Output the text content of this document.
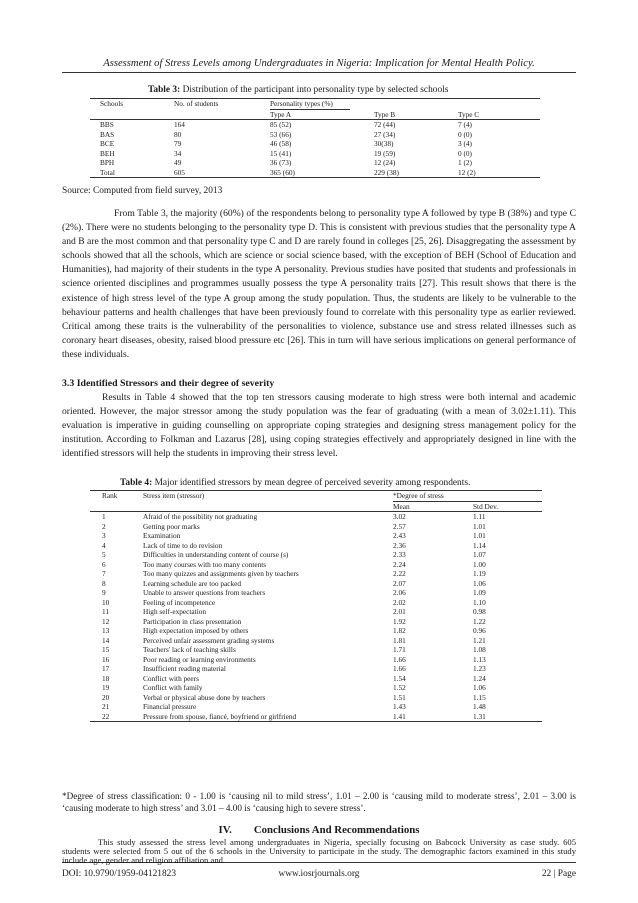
Assessment of Stress Levels among Undergraduates in Nigeria: Implication for Mental Health Policy.
Table 3: Distribution of the participant into personality type by selected schools
Schools	No. of students	Personality types (%)		

		Type A	Type B	Type C
BBS	164	85 (52)	72 (44)	7 (4)
BAS	80	53 (66)	27 (34)	0 (0)
BCE	79	46 (58)	30(38)	3 (4)
BEH	34	15 (41)	19 (59)	0 (0)
BPH	49	36 (73)	12 (24)	1 (2)
Total	605	365 (60)	229 (38)	12 (2)
Source: Computed from field survey, 2013

From Table 3, the majority (60%) of the respondents belong to personality type A followed by type B (38%) and type C (2%). There were no students belonging to the personality type D. This is consistent with previous studies that the personality type A and B are the most common and that personality type C and D are rarely found in colleges [25, 26]. Disaggregating the assessment by schools showed that all the schools, which are science or social science based, with the exception of BEH (School of Education and Humanities), had majority of their students in the type A personality. Previous studies have posited that students and professionals in science oriented disciplines and programmes usually possess the type A personality traits [27]. This result shows that there is the existence of high stress level of the type A group among the study population. Thus, the students are likely to be vulnerable to the behaviour patterns and health challenges that have been previously found to correlate with this personality type as earlier reviewed. Critical among these traits is the vulnerability of the personalities to violence, substance use and stress related illnesses such as coronary heart diseases, obesity, raised blood pressure etc [26]. This in turn will have serious implications on general performance of these individuals.

3.3 Identified Stressors and their degree of severity

Results in Table 4 showed that the top ten stressors causing moderate to high stress were both internal and academic oriented. However, the major stressor among the study population was the fear of graduating (with a mean of 3.02±1.11). This evaluation is imperative in guiding counselling on appropriate coping strategies and designing stress management policy for the institution. According to Folkman and Lazarus [28], using coping strategies effectively and appropriately designed in line with the identified stressors will help the students in improving their stress level.

Table 4: Major identified stressors by mean degree of perceived severity among respondents.
Rank	Stress item (stressor)	*Degree of stress	

		Mean	Std Dev.
1	Afraid of the possibility not graduating	3.02	1.11
2	Getting poor marks	2.57	1.01
3	Examination	2.43	1.01
4	Lack of time to do revision	2.36	1.14
5	Difficulties in understanding content of course (s)	2.33	1.07
6	Too many courses with too many contents	2.24	1.00
7	Too many quizzes and assignments given by teachers	2.22	1.19
8	Learning schedule are too packed	2.07	1.06
9	Unable to answer questions from teachers	2.06	1.09
10	Feeling of incompetence	2.02	1.10
11	High self-expectation	2.01	0.98
12	Participation in class presentation	1.92	1.22
13	High expectation imposed by others	1.82	0.96
14	Perceived unfair assessment grading systems	1.81	1.21
15	Teachers' lack of teaching skills	1.71	1.08
16	Poor reading or learning environments	1.66	1.13
17	Insufficient reading material	1.66	1.23
18	Conflict with peers	1.54	1.24
19	Conflict with family	1.52	1.06
20	Verbal or physical abuse done by teachers	1.51	1.15
21	Financial pressure	1.43	1.48
22	Pressure from spouse, fiancé, boyfriend or girlfriend	1.41	1.31

*Degree of stress classification: 0 - 1.00 is ‘causing nil to mild stress’, 1.01 – 2.00 is ‘causing mild to moderate stress’, 2.01 – 3.00 is ‘causing moderate to high stress’ and 3.01 – 4.00 is ‘causing high to severe stress’.

DOI: 10.9790/1959-04121823	www.iosrjournals.org	22 | Page
IV. Conclusions And Recommendations

This study assessed the stress level among undergraduates in Nigeria, specially focusing on Babcock University as case study. 605 students were selected from 5 out of the 6 schools in the University to participate in the study. The demographic factors examined in this study include age, gender and religion affiliation and
